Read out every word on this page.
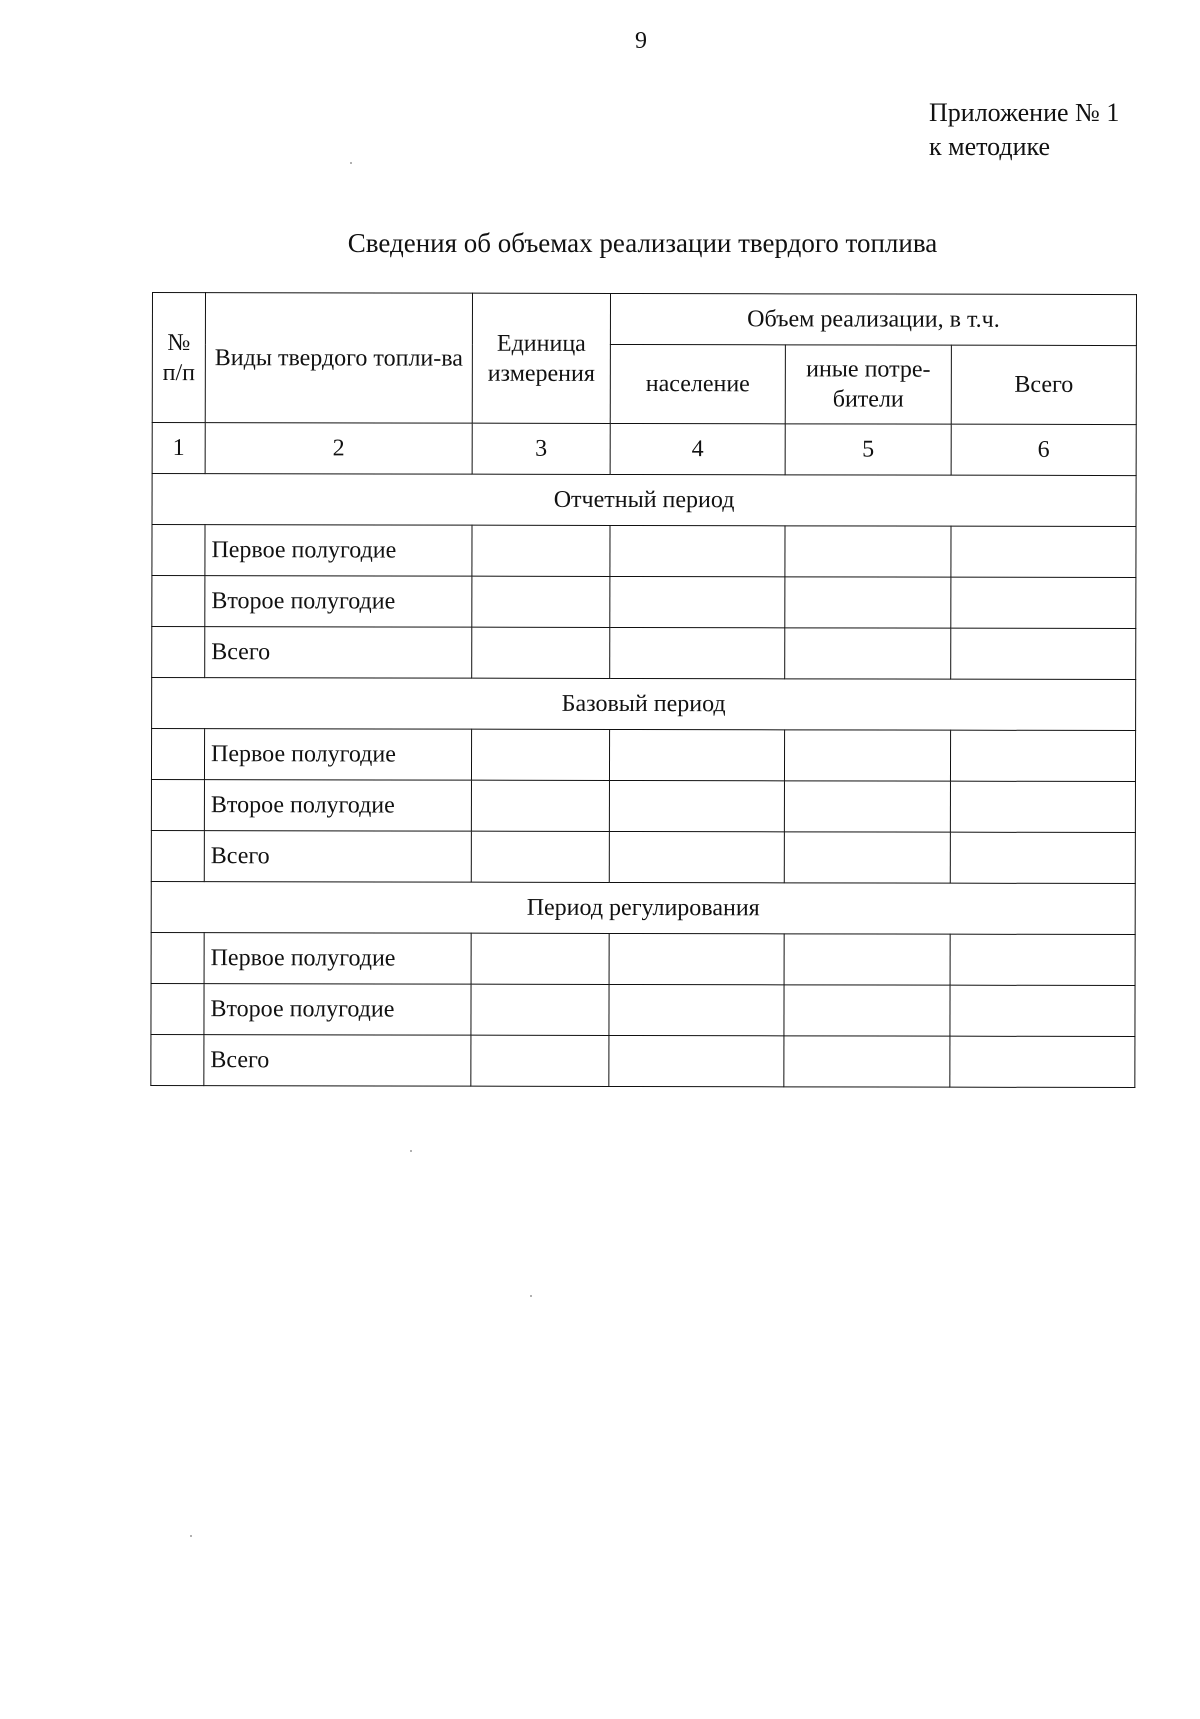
9
Приложение № 1
к методике
Сведения об объемах реализации твердого топлива
№ п/п	Виды твердого топли-ва	Единица измерения	Объем реализации, в т.ч.		
			население	иные потре-бители	Всего
1	2	3	4	5	6
Отчетный период					
	Первое полугодие				
	Второе полугодие				
	Всего				
Базовый период					
	Первое полугодие				
	Второе полугодие				
	Всего				
Период регулирования					
	Первое полугодие				
	Второе полугодие				
	Всего				
